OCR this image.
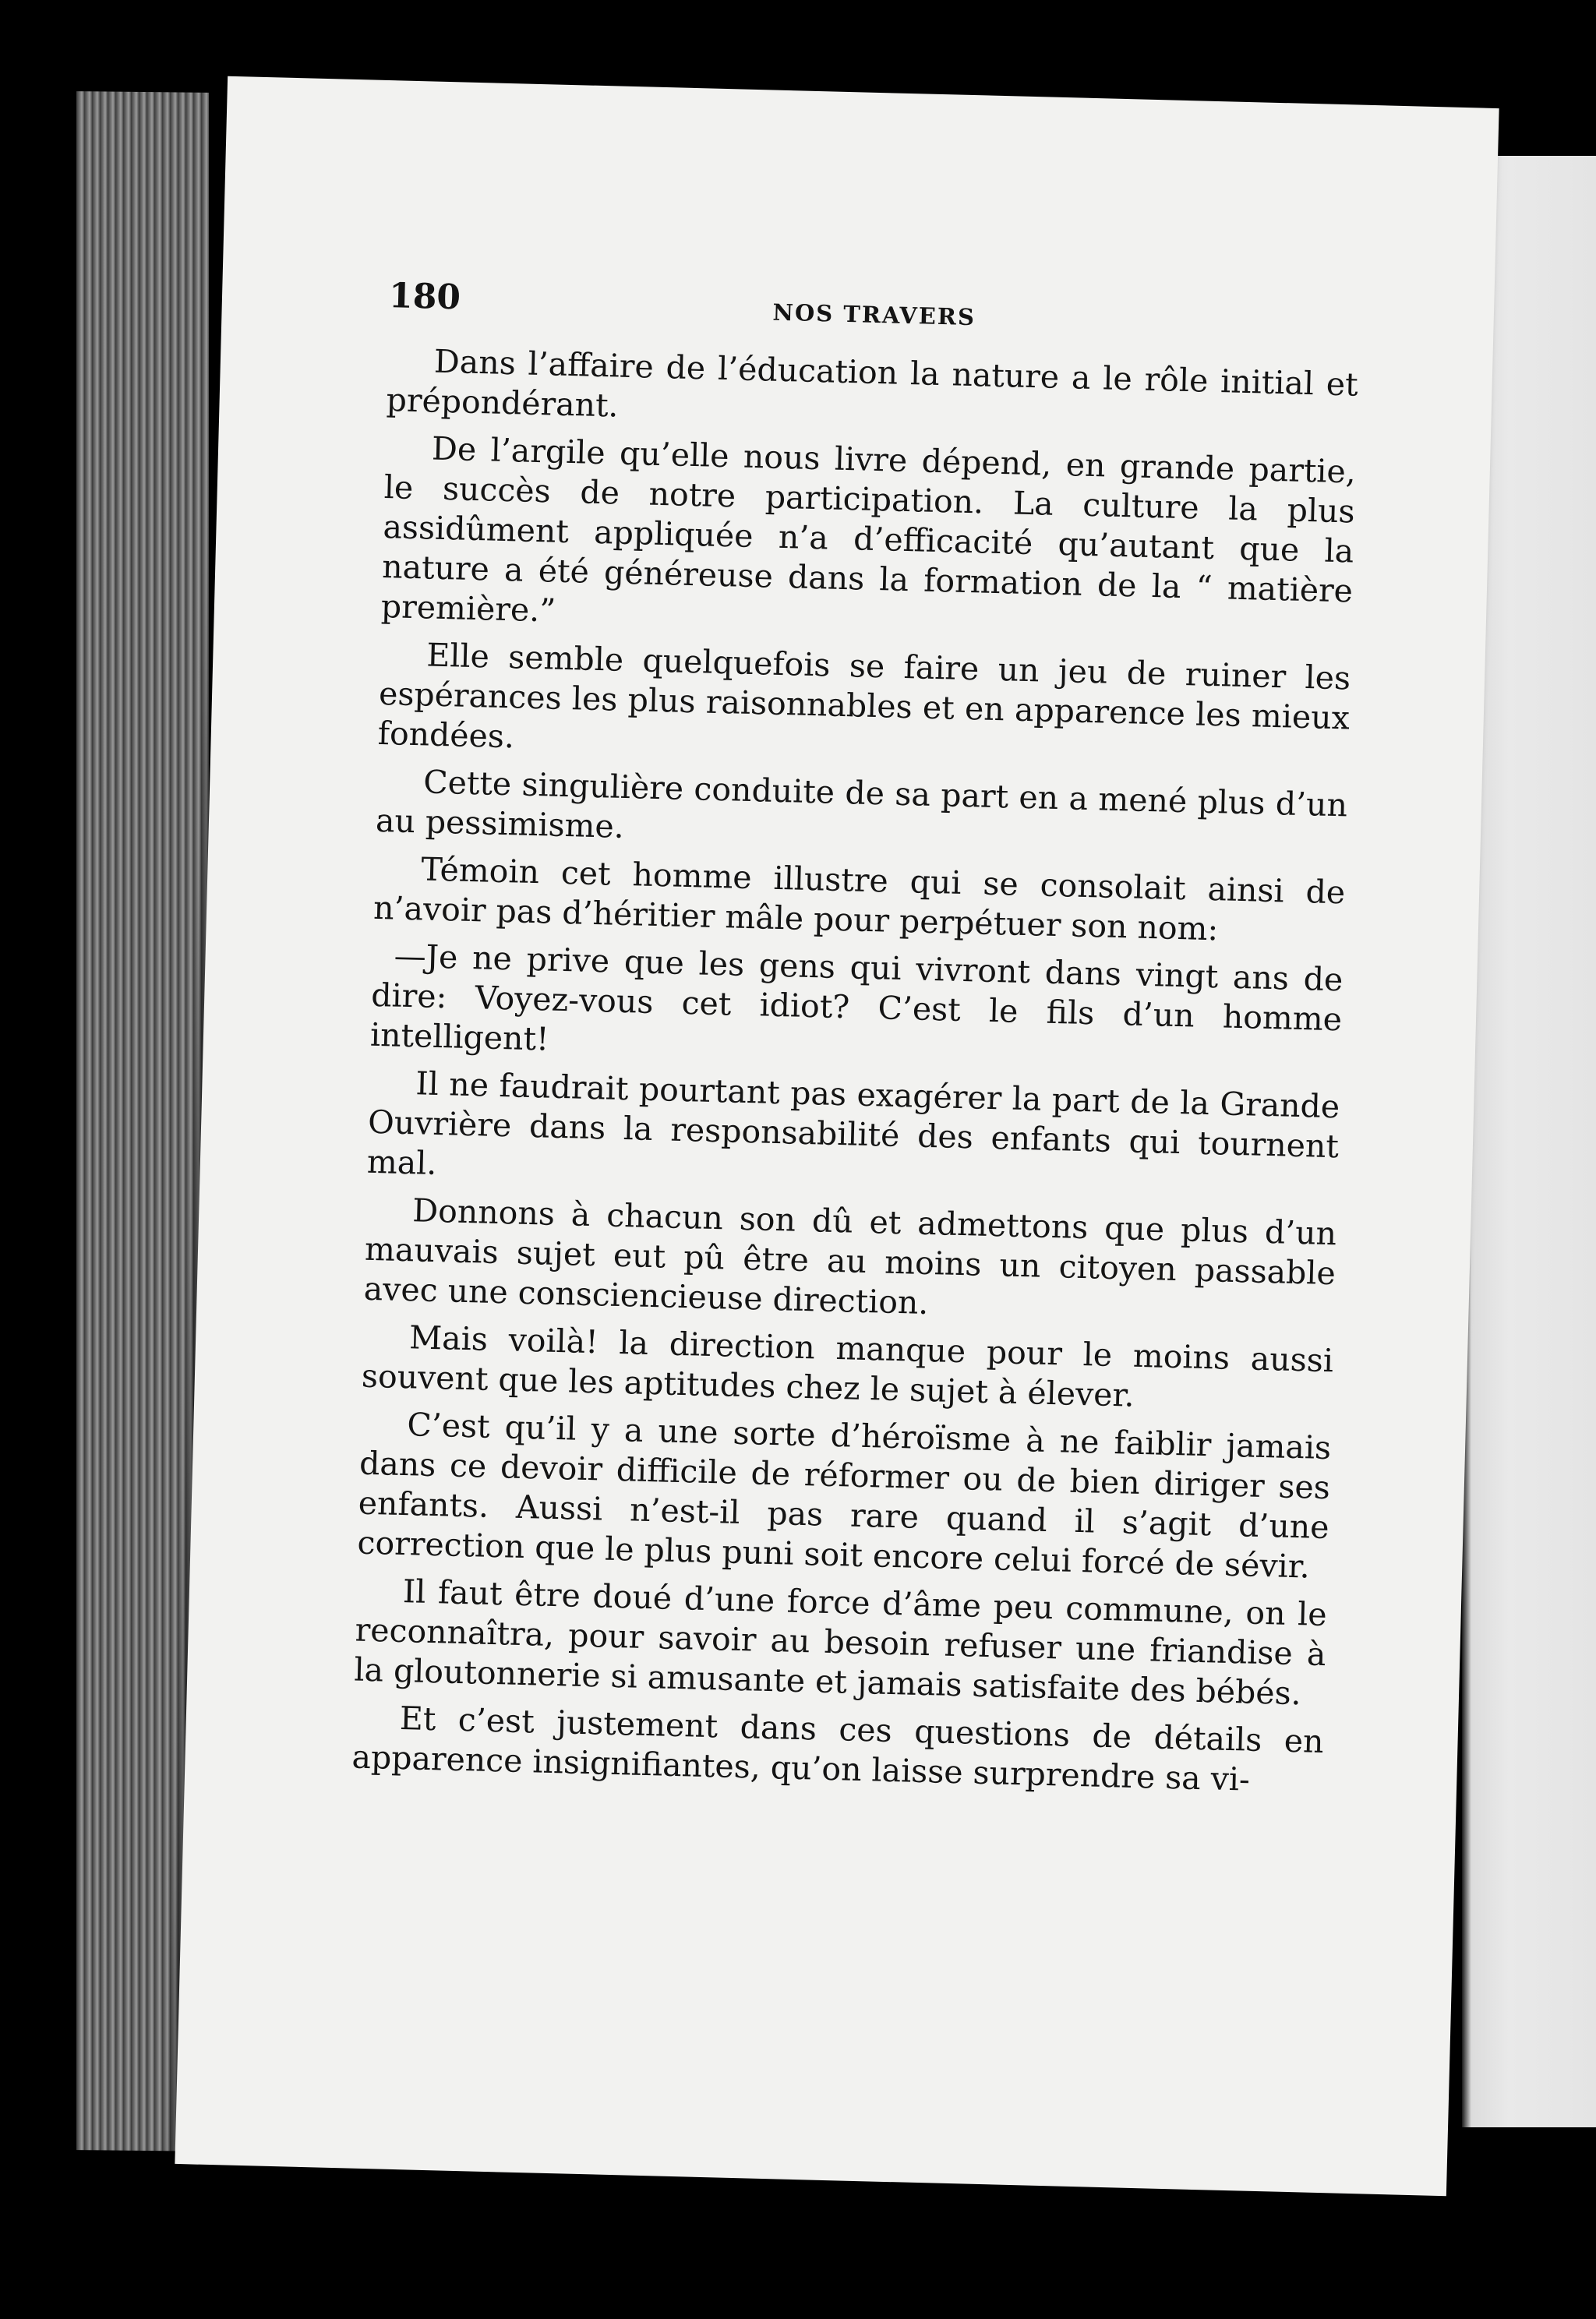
180	NOS TRAVERS

Dans l’affaire de l’éducation la nature a le rôle initial et prépondérant.

De l’argile qu’elle nous livre dépend, en grande partie, le succès de notre participation. La culture la plus assidûment appliquée n’a d’efficacité qu’autant que la nature a été généreuse dans la formation de la “ matière première.”

Elle semble quelquefois se faire un jeu de ruiner les espérances les plus raisonnables et en apparence les mieux fondées.

Cette singulière conduite de sa part en a mené plus d’un au pessimisme.

Témoin cet homme illustre qui se consolait ainsi de n’avoir pas d’héritier mâle pour perpétuer son nom:

—Je ne prive que les gens qui vivront dans vingt ans de dire: Voyez-vous cet idiot? C’est le fils d’un homme intelligent!

Il ne faudrait pourtant pas exagérer la part de la Grande Ouvrière dans la responsabilité des enfants qui tournent mal.

Donnons à chacun son dû et admettons que plus d’un mauvais sujet eut pû être au moins un citoyen passable avec une consciencieuse direction.

Mais voilà! la direction manque pour le moins aussi souvent que les aptitudes chez le sujet à élever.

C’est qu’il y a une sorte d’héroïsme à ne faiblir jamais dans ce devoir difficile de réformer ou de bien diriger ses enfants. Aussi n’est-il pas rare quand il s’agit d’une correction que le plus puni soit encore celui forcé de sévir.

Il faut être doué d’une force d’âme peu commune, on le reconnaîtra, pour savoir au besoin refuser une friandise à la gloutonnerie si amusante et jamais satisfaite des bébés.

Et c’est justement dans ces questions de détails en apparence insignifiantes, qu’on laisse surprendre sa vi-
